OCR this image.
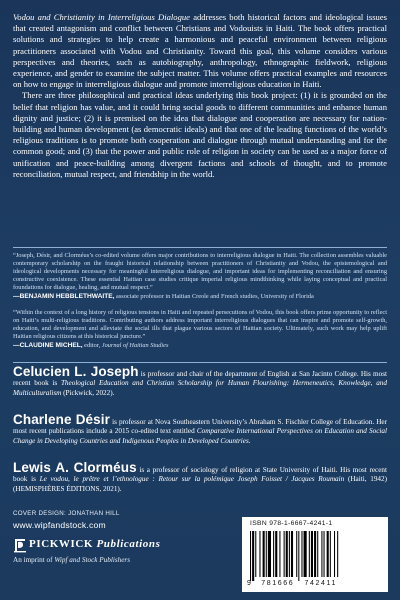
Vodou and Christianity in Interreligious Dialogue addresses both historical factors and ideological issues that created antagonism and conflict between Christians and Vodouists in Haiti. The book offers practical solutions and strategies to help create a harmonious and peaceful environment between religious practitioners associated with Vodou and Christianity. Toward this goal, this volume considers various perspectives and theories, such as autobiography, anthropology, ethnographic fieldwork, religious experience, and gender to examine the subject matter. This volume offers practical examples and resources on how to engage in interreligious dialogue and promote interreligious education in Haiti.

There are three philosophical and practical ideas underlying this book project: (1) it is grounded on the belief that religion has value, and it could bring social goods to different communities and enhance human dignity and justice; (2) it is premised on the idea that dialogue and cooperation are necessary for nation-building and human development (as democratic ideals) and that one of the leading functions of the world’s religious traditions is to promote both cooperation and dialogue through mutual understanding and for the common good; and (3) that the power and public role of religion in society can be used as a major force of unification and peace-building among divergent factions and schools of thought, and to promote reconciliation, mutual respect, and friendship in the world.

“Joseph, Désir, and Clorméus’s co-edited volume offers major contributions to interreligious dialogue in Haiti. The collection assembles valuable contemporary scholarship on the fraught historical relationship between practitioners of Christianity and Vodou, the epistemological and ideological developments necessary for meaningful interreligious dialogue, and important ideas for implementing reconciliation and ensuring constructive coexistence. These essential Haitian case studies critique imperial religious mindthinking while laying conceptual and practical foundations for dialogue, healing, and mutual respect.”

—BENJAMIN HEBBLETHWAITE, associate professor in Haitian Creole and French studies, University of Florida

“Within the context of a long history of religious tensions in Haiti and repeated persecutions of Vodou, this book offers prime opportunity to reflect on Haiti’s multi-religious traditions. Contributing authors address important interreligious dialogues that can inspire and promote self-growth, education, and development and alleviate the social ills that plague various sectors of Haitian society. Ultimately, such work may help uplift Haitian religious citizens at this historical juncture.”

—CLAUDINE MICHEL, editor, Journal of Haitian Studies

Celucien L. Joseph is professor and chair of the department of English at San Jacinto College. His most recent book is Theological Education and Christian Scholarship for Human Flourishing: Hermeneutics, Knowledge, and Multiculturalism (Pickwick, 2022).
Charlene Désir is professor at Nova Southeastern University’s Abraham S. Fischler College of Education. Her most recent publications include a 2015 co-edited text entitled Comparative International Perspectives on Education and Social Change in Developing Countries and Indigenous Peoples in Developed Countries.
Lewis A. Clorméus is a professor of sociology of religion at State University of Haiti. His most recent book is Le vodou, le prêtre et l’ethnologue : Retour sur la polémique Joseph Foisset / Jacques Roumain (Haiti, 1942) (HEMISPHÈRES ÉDITIONS, 2021).
COVER DESIGN: JONATHAN HILL
www.wipfandstock.com
PICKWICK Publications
An imprint of Wipf and Stock Publishers
ISBN 978-1-6667-4241-1
9 781666 742411
